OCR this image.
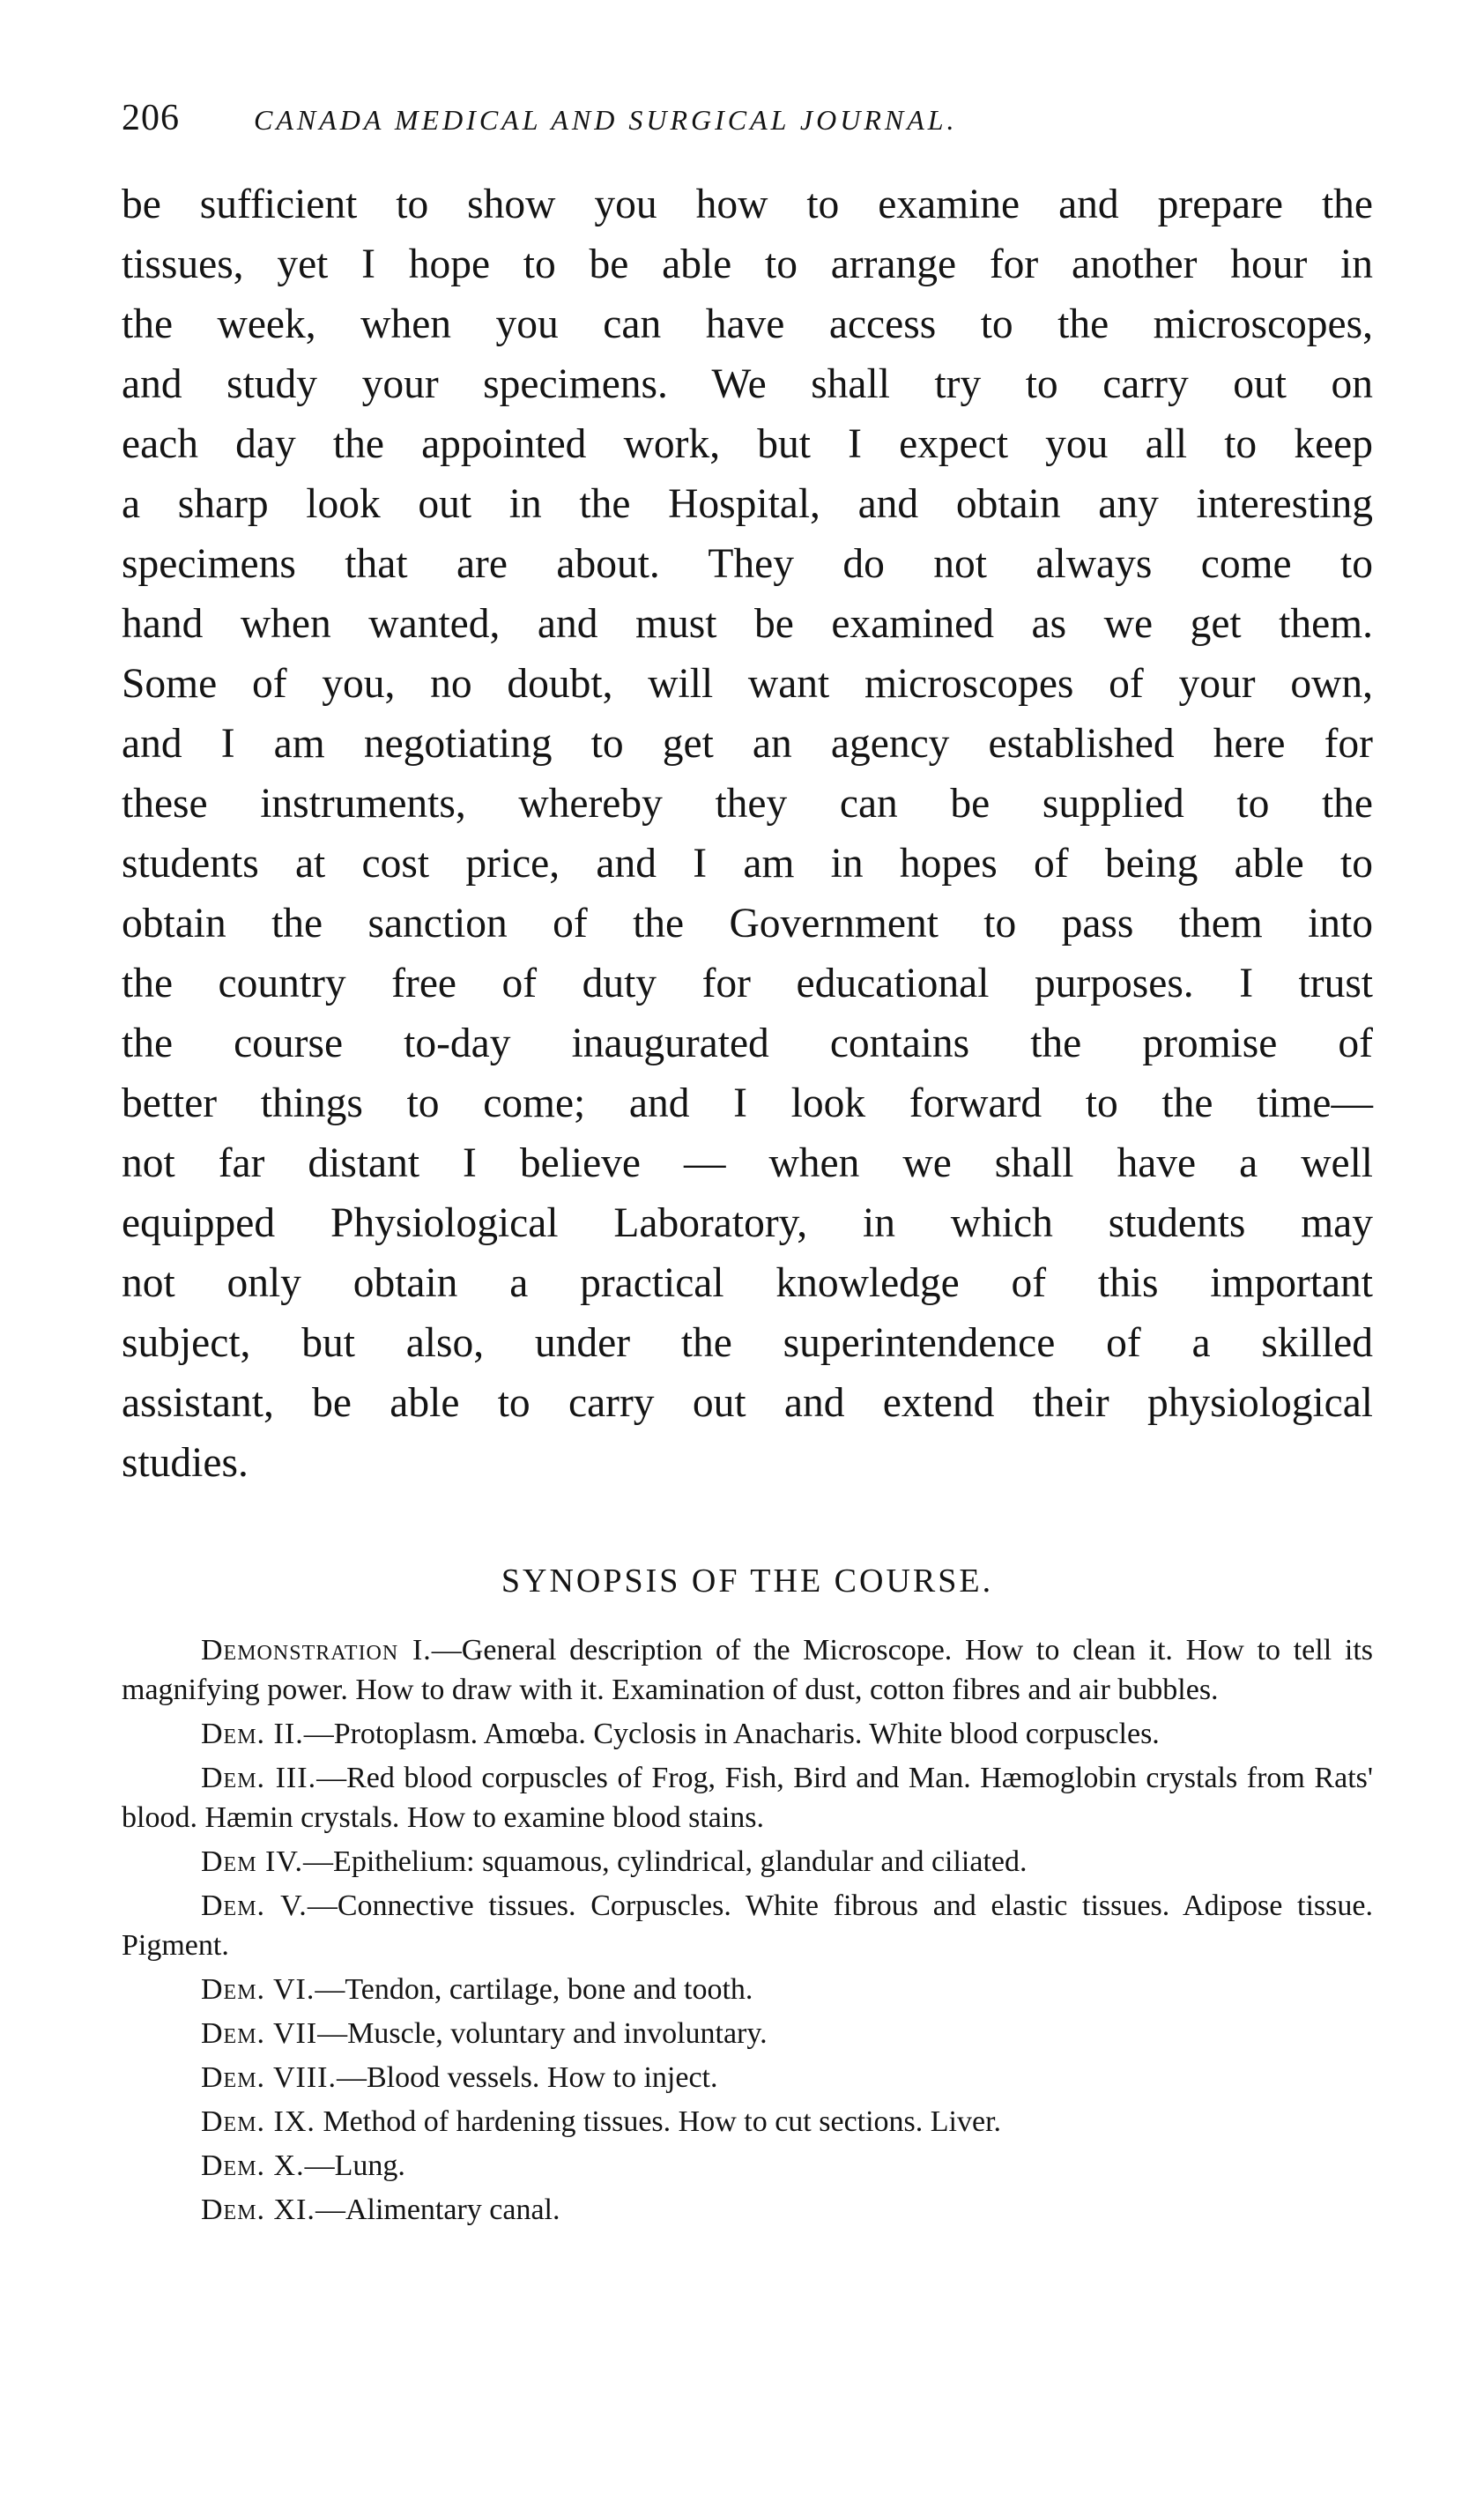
206	CANADA MEDICAL AND SURGICAL JOURNAL.
be sufficient to show you how to examine and prepare the
tissues, yet I hope to be able to arrange for another hour in
the week, when you can have access to the microscopes,
and study your specimens. We shall try to carry out on
each day the appointed work, but I expect you all to keep
a sharp look out in the Hospital, and obtain any interesting
specimens that are about. They do not always come to
hand when wanted, and must be examined as we get them.
Some of you, no doubt, will want microscopes of your own,
and I am negotiating to get an agency established here for
these instruments, whereby they can be supplied to the
students at cost price, and I am in hopes of being able to
obtain the sanction of the Government to pass them into
the country free of duty for educational purposes. I trust
the course to-day inaugurated contains the promise of
better things to come; and I look forward to the time—
not far distant I believe — when we shall have a well
equipped Physiological Laboratory, in which students may
not only obtain a practical knowledge of this important
subject, but also, under the superintendence of a skilled
assistant, be able to carry out and extend their physiological
studies.
SYNOPSIS OF THE COURSE.

Demonstration I.—General description of the Microscope. How to clean it. How to tell its magnifying power. How to draw with it. Examination of dust, cotton fibres and air bubbles.

Dem. II.—Protoplasm. Amœba. Cyclosis in Anacharis. White blood corpuscles.

Dem. III.—Red blood corpuscles of Frog, Fish, Bird and Man. Hæmoglobin crystals from Rats' blood. Hæmin crystals. How to examine blood stains.

Dem IV.—Epithelium: squamous, cylindrical, glandular and ciliated.

Dem. V.—Connective tissues. Corpuscles. White fibrous and elastic tissues. Adipose tissue. Pigment.

Dem. VI.—Tendon, cartilage, bone and tooth.

Dem. VII—Muscle, voluntary and involuntary.

Dem. VIII.—Blood vessels. How to inject.

Dem. IX. Method of hardening tissues. How to cut sections. Liver.

Dem. X.—Lung.

Dem. XI.—Alimentary canal.
